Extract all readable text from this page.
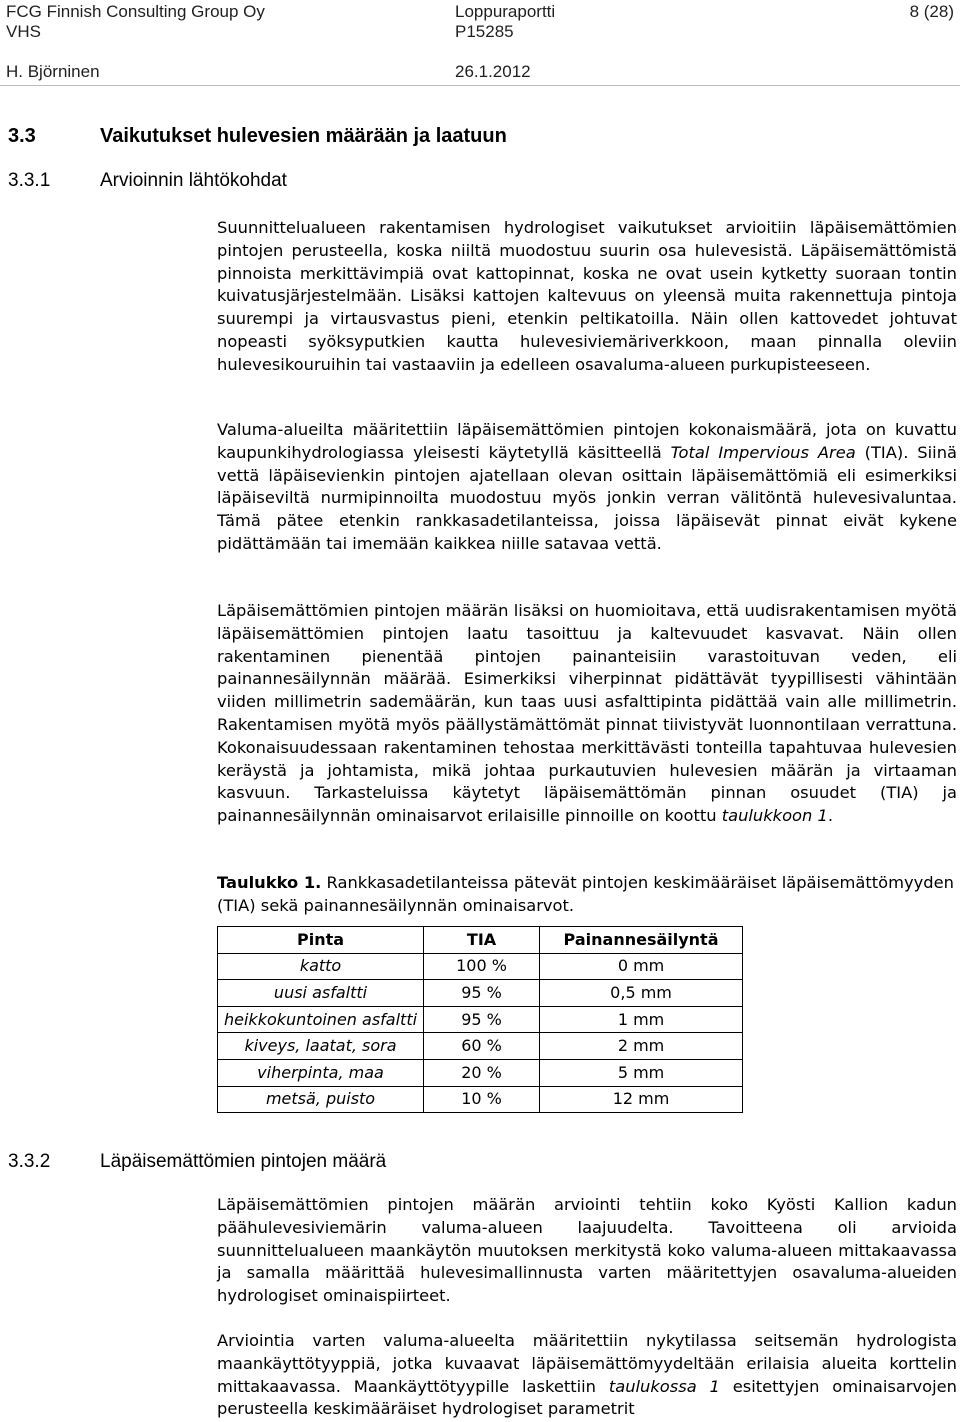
FCG Finnish Consulting Group Oy	Loppuraportti	8 (28)
VHS	P15285
H. Björninen	26.1.2012
3.3	Vaikutukset hulevesien määrään ja laatuun
3.3.1	Arvioinnin lähtökohdat

Suunnittelualueen rakentamisen hydrologiset vaikutukset arvioitiin läpäisemättömien pintojen perusteella, koska niiltä muodostuu suurin osa hulevesistä. Läpäisemättömistä pinnoista merkittävimpiä ovat kattopinnat, koska ne ovat usein kytketty suoraan tontin kuivatusjärjestelmään. Lisäksi kattojen kaltevuus on yleensä muita rakennettuja pintoja suurempi ja virtausvastus pieni, etenkin peltikatoilla. Näin ollen kattovedet johtuvat nopeasti syöksyputkien kautta hulevesiviemäriverkkoon, maan pinnalla oleviin hulevesikouruihin tai vastaaviin ja edelleen osavaluma-alueen purkupisteeseen.

Valuma-alueilta määritettiin läpäisemättömien pintojen kokonaismäärä, jota on kuvattu kaupunkihydrologiassa yleisesti käytetyllä käsitteellä Total Impervious Area (TIA). Siinä vettä läpäisevienkin pintojen ajatellaan olevan osittain läpäisemättömiä eli esimerkiksi läpäiseviltä nurmipinnoilta muodostuu myös jonkin verran välitöntä hulevesivaluntaa. Tämä pätee etenkin rankkasadetilanteissa, joissa läpäisevät pinnat eivät kykene pidättämään tai imemään kaikkea niille satavaa vettä.

Läpäisemättömien pintojen määrän lisäksi on huomioitava, että uudisrakentamisen myötä läpäisemättömien pintojen laatu tasoittuu ja kaltevuudet kasvavat. Näin ollen rakentaminen pienentää pintojen painanteisiin varastoituvan veden, eli painannesäilynnän määrää. Esimerkiksi viherpinnat pidättävät tyypillisesti vähintään viiden millimetrin sademäärän, kun taas uusi asfalttipinta pidättää vain alle millimetrin. Rakentamisen myötä myös päällystämättömät pinnat tiivistyvät luonnontilaan verrattuna. Kokonaisuudessaan rakentaminen tehostaa merkittävästi tonteilla tapahtuvaa hulevesien keräystä ja johtamista, mikä johtaa purkautuvien hulevesien määrän ja virtaaman kasvuun. Tarkasteluissa käytetyt läpäisemättömän pinnan osuudet (TIA) ja painannesäilynnän ominaisarvot erilaisille pinnoille on koottu taulukkoon 1.

Taulukko 1. Rankkasadetilanteissa pätevät pintojen keskimääräiset läpäisemättömyyden (TIA) sekä painannesäilynnän ominaisarvot.

Pinta	TIA	Painannesäilyntä
katto	100 %	0 mm
uusi asfaltti	95 %	0,5 mm
heikkokuntoinen asfaltti	95 %	1 mm
kiveys, laatat, sora	60 %	2 mm
viherpinta, maa	20 %	5 mm
metsä, puisto	10 %	12 mm
3.3.2	Läpäisemättömien pintojen määrä

Läpäisemättömien pintojen määrän arviointi tehtiin koko Kyösti Kallion kadun päähulevesiviemärin valuma-alueen laajuudelta. Tavoitteena oli arvioida suunnittelualueen maankäytön muutoksen merkitystä koko valuma-alueen mittakaavassa ja samalla määrittää hulevesimallinnusta varten määritettyjen osavaluma-alueiden hydrologiset ominaispiirteet.

Arviointia varten valuma-alueelta määritettiin nykytilassa seitsemän hydrologista maankäyttötyyppiä, jotka kuvaavat läpäisemättömyydeltään erilaisia alueita korttelin mittakaavassa. Maankäyttötyypille laskettiin taulukossa 1 esitettyjen ominaisarvojen perusteella keskimääräiset hydrologiset parametrit
